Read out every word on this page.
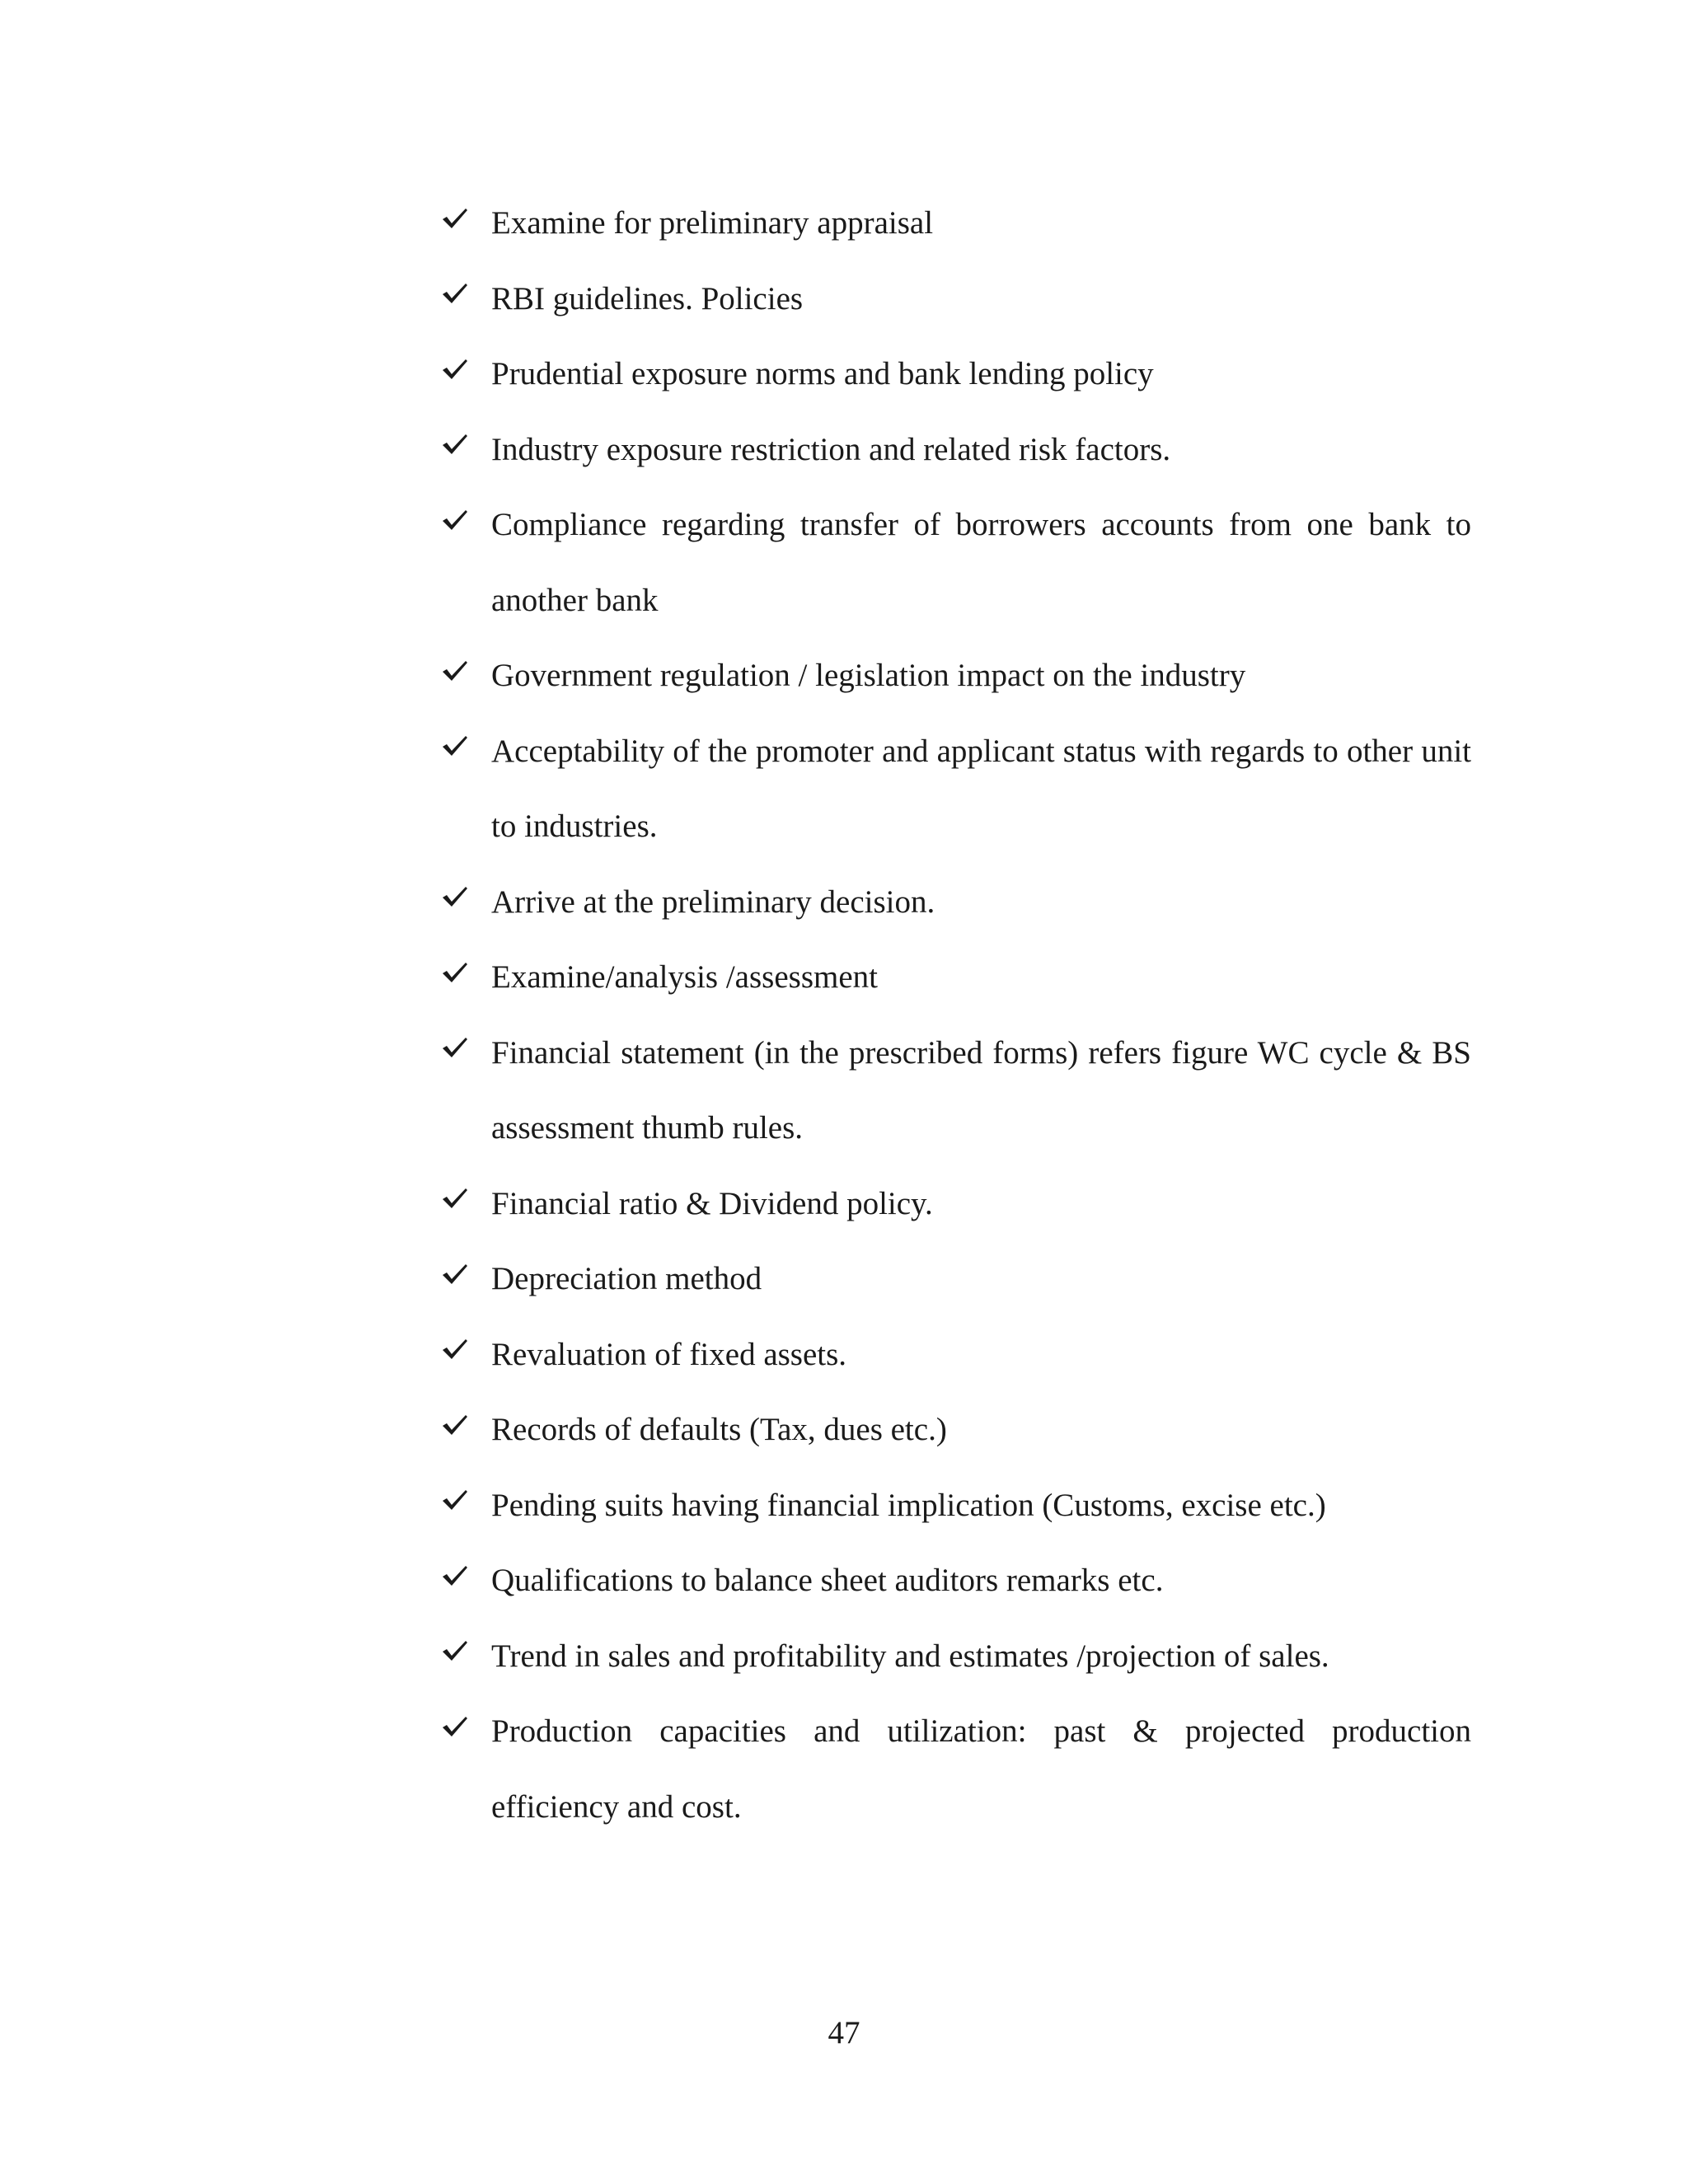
Examine for preliminary appraisal
RBI guidelines. Policies
Prudential exposure norms and bank lending policy
Industry exposure restriction and related risk factors.
Compliance regarding transfer of borrowers accounts from one bank to another bank
Government regulation / legislation impact on the industry
Acceptability of the promoter and applicant status with regards to other unit to industries.
Arrive at the preliminary decision.
Examine/analysis /assessment
Financial statement (in the prescribed forms) refers figure WC cycle & BS assessment thumb rules.
Financial ratio & Dividend policy.
Depreciation method
Revaluation of fixed assets.
Records of defaults (Tax, dues etc.)
Pending suits having financial implication (Customs, excise etc.)
Qualifications to balance sheet auditors remarks etc.
Trend in sales and profitability and estimates /projection of sales.
Production capacities and utilization: past & projected production efficiency and cost.
47
